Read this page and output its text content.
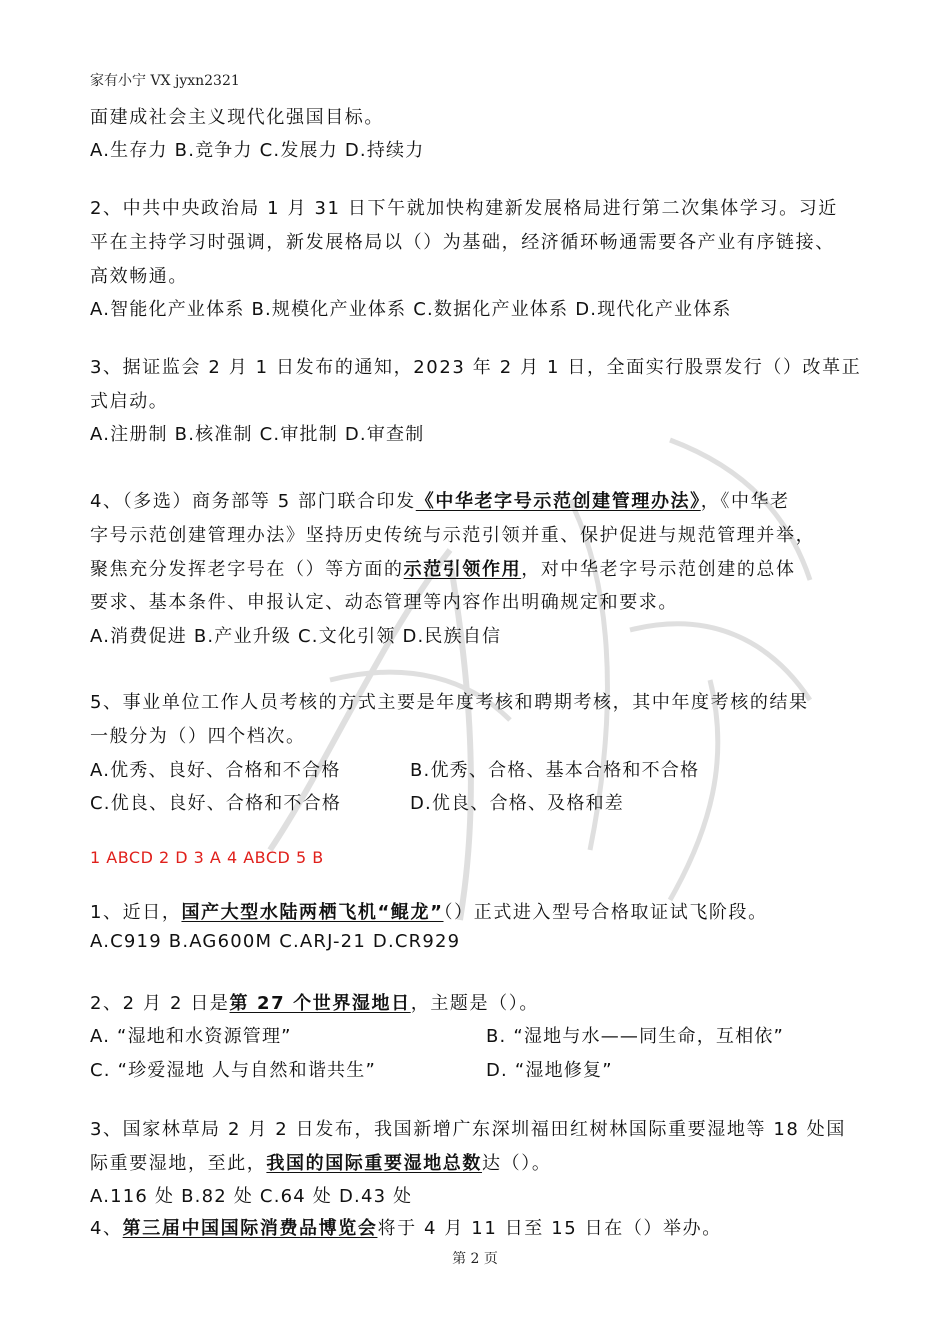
家有小宁 VX jyxn2321
面建成社会主义现代化强国目标。
A.生存力 B.竞争力 C.发展力 D.持续力
2、中共中央政治局 1 月 31 日下午就加快构建新发展格局进行第二次集体学习。习近
平在主持学习时强调，新发展格局以（）为基础，经济循环畅通需要各产业有序链接、
高效畅通。
A.智能化产业体系 B.规模化产业体系 C.数据化产业体系 D.现代化产业体系
3、据证监会 2 月 1 日发布的通知，2023 年 2 月 1 日，全面实行股票发行（）改革正
式启动。
A.注册制 B.核准制 C.审批制 D.审查制
4、（多选）商务部等 5 部门联合印发《中华老字号示范创建管理办法》，《中华老
字号示范创建管理办法》坚持历史传统与示范引领并重、保护促进与规范管理并举，
聚焦充分发挥老字号在（）等方面的示范引领作用，对中华老字号示范创建的总体
要求、基本条件、申报认定、动态管理等内容作出明确规定和要求。
A.消费促进 B.产业升级 C.文化引领 D.民族自信
5、事业单位工作人员考核的方式主要是年度考核和聘期考核，其中年度考核的结果
一般分为（）四个档次。
A.优秀、良好、合格和不合格	B.优秀、合格、基本合格和不合格
C.优良、良好、合格和不合格	D.优良、合格、及格和差
1 ABCD 2 D 3 A 4 ABCD 5 B
1、近日，国产大型水陆两栖飞机“鲲龙”（）正式进入型号合格取证试飞阶段。
A.C919 B.AG600M C.ARJ-21 D.CR929
2、2 月 2 日是第 27 个世界湿地日，主题是（）。
A. “湿地和水资源管理”	B. “湿地与水——同生命，互相依”
C. “珍爱湿地 人与自然和谐共生”	D. “湿地修复”
3、国家林草局 2 月 2 日发布，我国新增广东深圳福田红树林国际重要湿地等 18 处国
际重要湿地，至此，我国的国际重要湿地总数达（）。
A.116 处 B.82 处 C.64 处 D.43 处
4、第三届中国国际消费品博览会将于 4 月 11 日至 15 日在（）举办。
第 2 页
